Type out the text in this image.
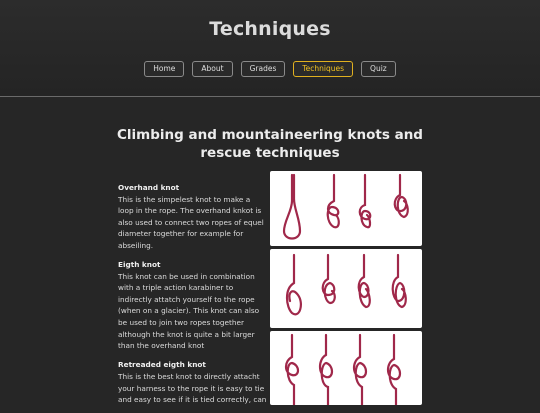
Techniques
Home	About	Grades	Techniques	Quiz
Climbing and mountaineering knots and rescue techniques
Overhand knot
This is the simpelest knot to make a loop in the rope. The overhand knkot is also used to connect two ropes of equel diameter together for example for abseiling.
Eigth knot
This knot can be used in combination with a triple action karabiner to indirectly attatch yourself to the rope (when on a glacier). This knot can also be used to join two ropes together although the knot is quite a bit larger than the overhand knot
Retreaded eigth knot
This is the best knot to directly attacht your harness to the rope it is easy to tie and easy to see if it is tied correctly, can
